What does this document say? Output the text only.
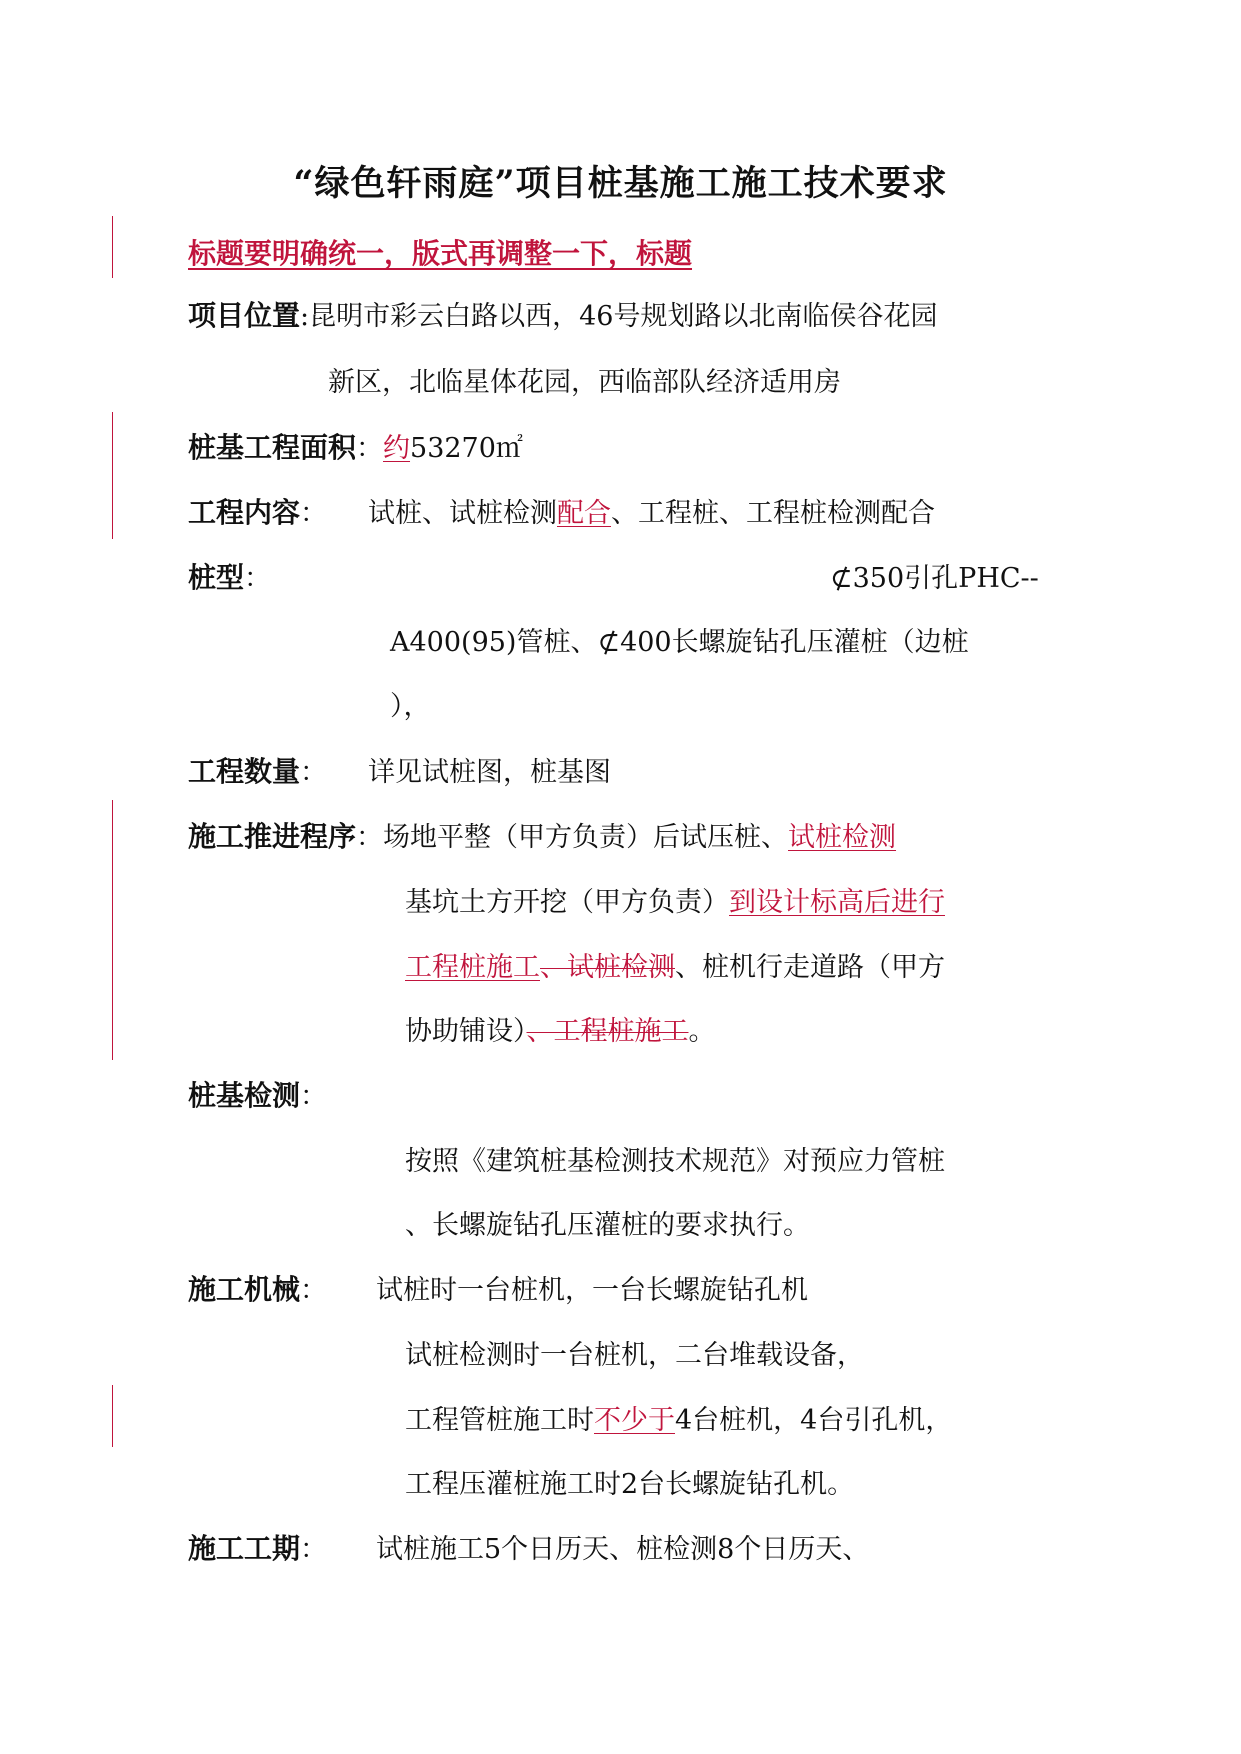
“绿色轩雨庭”项目桩基施工施工技术要求
标题要明确统一，版式再调整一下，标题
项目位置:昆明市彩云白路以西，46号规划路以北南临侯谷花园
新区，北临星体花园，西临部队经济适用房
桩基工程面积：约53270㎡
工程内容： 试桩、试桩检测配合、工程桩、工程桩检测配合
桩型：	⊄350引孔PHC--
A400(95)管桩、⊄400长螺旋钻孔压灌桩（边桩
），
工程数量： 详见试桩图，桩基图
施工推进程序：场地平整（甲方负责）后试压桩、试桩检测
基坑土方开挖（甲方负责）到设计标高后进行
工程桩施工、试桩检测、桩机行走道路（甲方
协助铺设）、工程桩施工。
桩基检测：
按照《建筑桩基检测技术规范》对预应力管桩
、长螺旋钻孔压灌桩的要求执行。
施工机械： 试桩时一台桩机，一台长螺旋钻孔机
试桩检测时一台桩机，二台堆载设备，
工程管桩施工时不少于4台桩机，4台引孔机，
工程压灌桩施工时2台长螺旋钻孔机。
施工工期： 试桩施工5个日历天、桩检测8个日历天、
